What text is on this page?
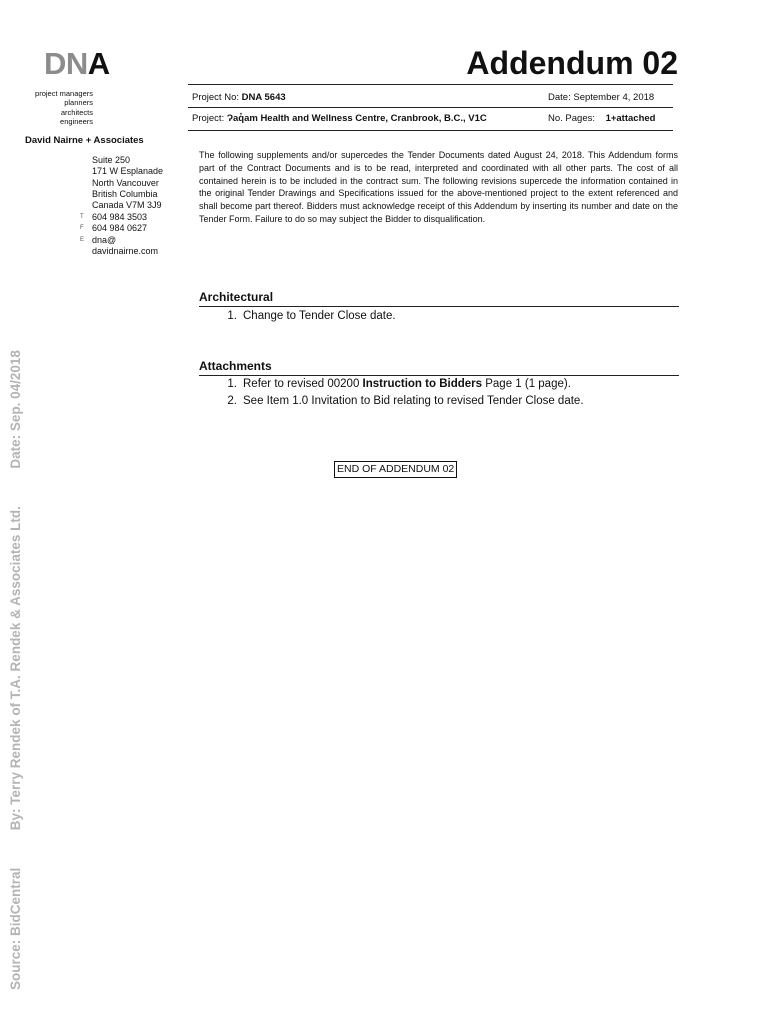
DNA
project managers
planners
architects
engineers
David Nairne + Associates
Suite 250
171 W Esplanade
North Vancouver
British Columbia
Canada V7M 3J9
T 604 984 3503
F 604 984 0627
E dna@
davidnairne.com
Addendum 02
Project No: DNA 5643	Date: September 4, 2018
Project: Ɂaq̓am Health and Wellness Centre, Cranbrook, B.C., V1C	No. Pages: 1+attached
The following supplements and/or supercedes the Tender Documents dated August 24, 2018. This Addendum forms part of the Contract Documents and is to be read, interpreted and coordinated with all other parts. The cost of all contained herein is to be included in the contract sum. The following revisions supercede the information contained in the original Tender Drawings and Specifications issued for the above-mentioned project to the extent referenced and shall become part thereof. Bidders must acknowledge receipt of this Addendum by inserting its number and date on the Tender Form. Failure to do so may subject the Bidder to disqualification.
Architectural
1. Change to Tender Close date.
Attachments
1. Refer to revised 00200 Instruction to Bidders Page 1 (1 page).
2. See Item 1.0 Invitation to Bid relating to revised Tender Close date.
END OF ADDENDUM 02
Source: BidCentral          By: Terry Rendek of T.A. Rendek & Associates Ltd.          Date: Sep. 04/2018
